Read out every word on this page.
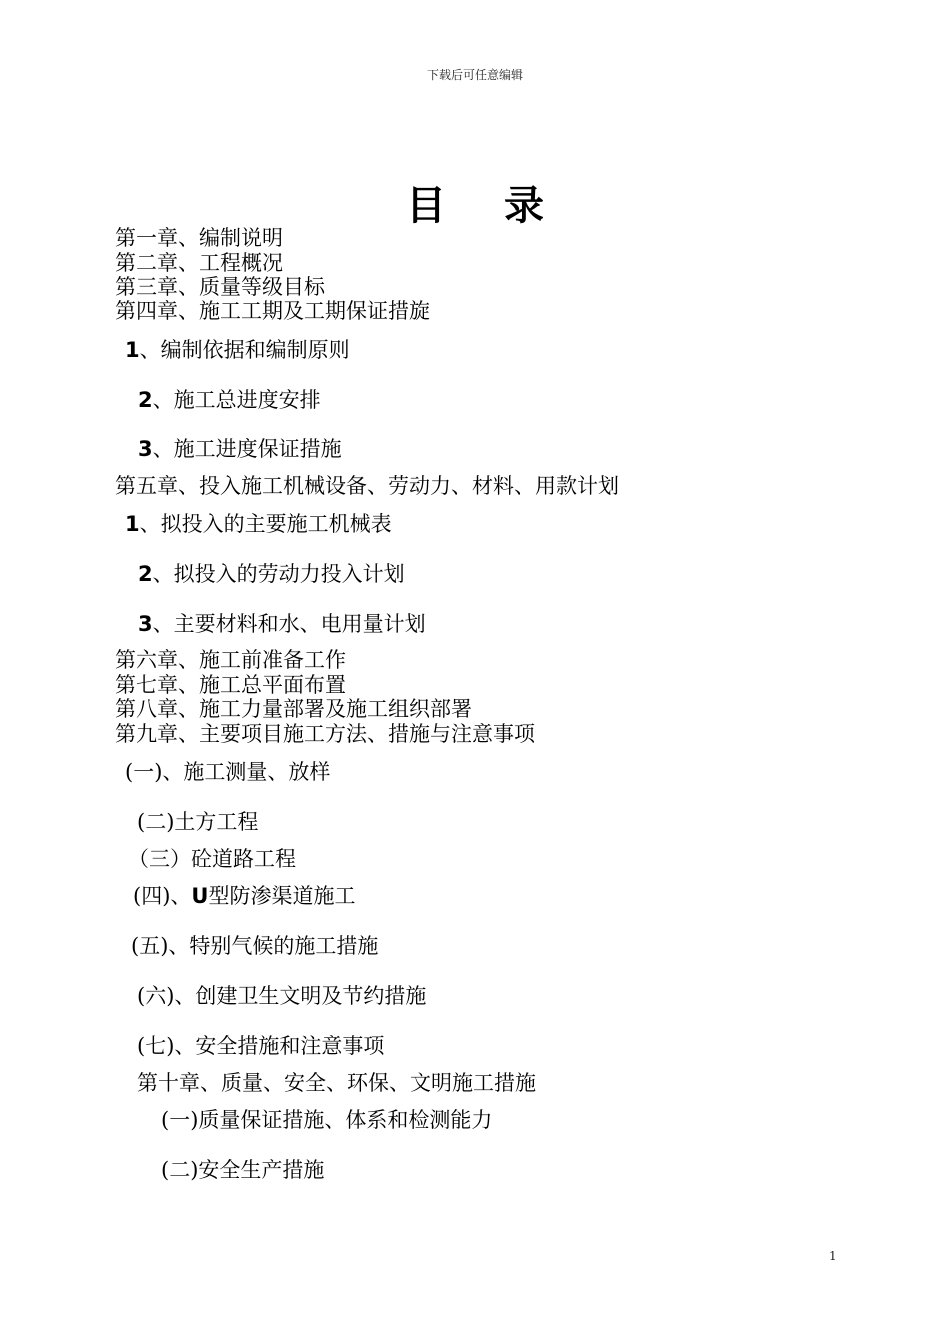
下载后可任意编辑
目 录
第一章、编制说明
第二章、工程概况
第三章、质量等级目标
第四章、施工工期及工期保证措旋
1、编制依据和编制原则
2、施工总进度安排
3、施工进度保证措施
第五章、投入施工机械设备、劳动力、材料、用款计划
1、拟投入的主要施工机械表
2、拟投入的劳动力投入计划
3、主要材料和水、电用量计划
第六章、施工前准备工作
第七章、施工总平面布置
第八章、施工力量部署及施工组织部署
第九章、主要项目施工方法、措施与注意事项
(一)、施工测量、放样
(二)土方工程
（三）砼道路工程
(四)、U型防渗渠道施工
(五)、特别气候的施工措施
(六)、创建卫生文明及节约措施
(七)、安全措施和注意事项
第十章、质量、安全、环保、文明施工措施
(一)质量保证措施、体系和检测能力
(二)安全生产措施
1
